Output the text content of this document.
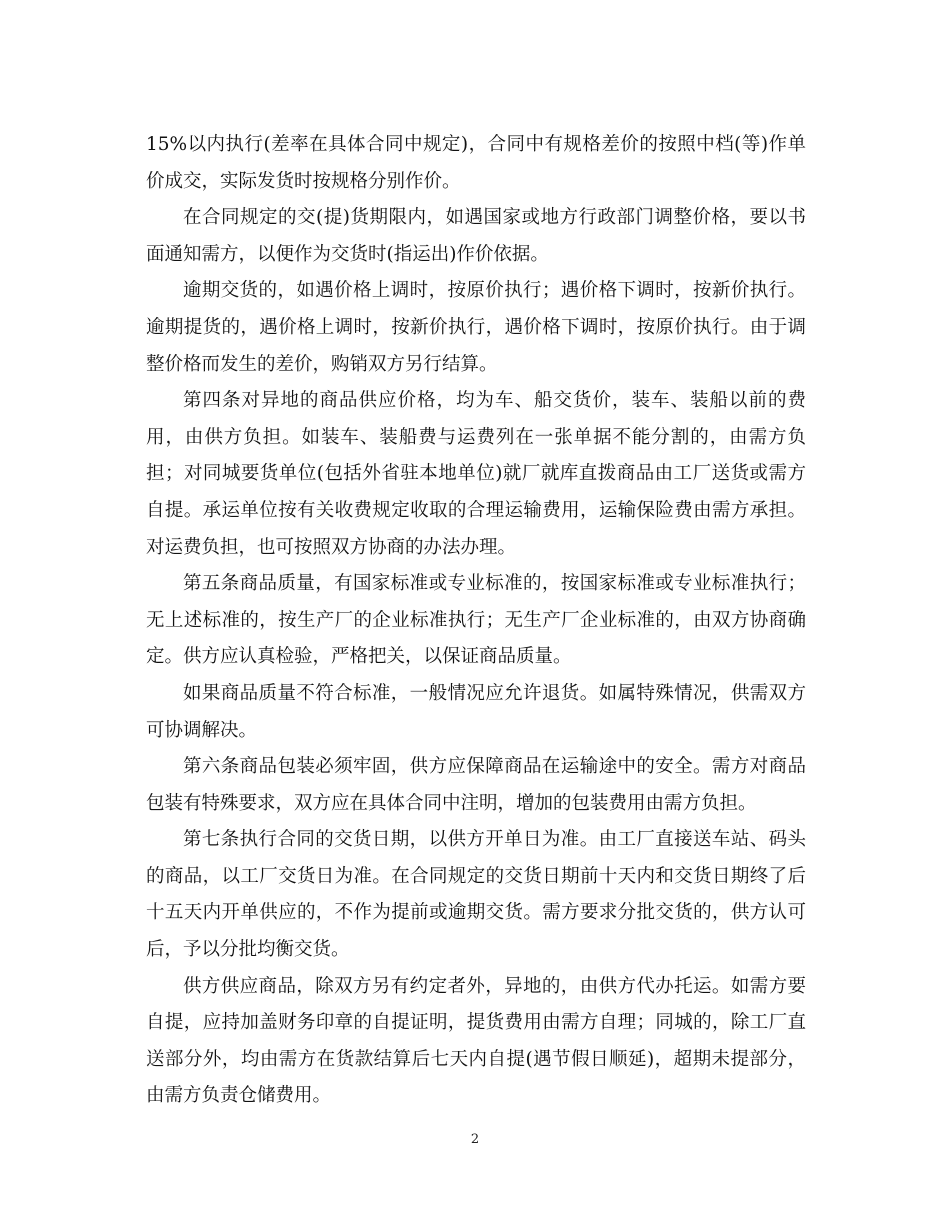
15%以内执行(差率在具体合同中规定)，合同中有规格差价的按照中档(等)作单
价成交，实际发货时按规格分别作价。
在合同规定的交(提)货期限内，如遇国家或地方行政部门调整价格，要以书
面通知需方，以便作为交货时(指运出)作价依据。
逾期交货的，如遇价格上调时，按原价执行；遇价格下调时，按新价执行。
逾期提货的，遇价格上调时，按新价执行，遇价格下调时，按原价执行。由于调
整价格而发生的差价，购销双方另行结算。
第四条对异地的商品供应价格，均为车、船交货价，装车、装船以前的费
用，由供方负担。如装车、装船费与运费列在一张单据不能分割的，由需方负
担；对同城要货单位(包括外省驻本地单位)就厂就库直拨商品由工厂送货或需方
自提。承运单位按有关收费规定收取的合理运输费用，运输保险费由需方承担。
对运费负担，也可按照双方协商的办法办理。
第五条商品质量，有国家标准或专业标准的，按国家标准或专业标准执行；
无上述标准的，按生产厂的企业标准执行；无生产厂企业标准的，由双方协商确
定。供方应认真检验，严格把关，以保证商品质量。
如果商品质量不符合标准，一般情况应允许退货。如属特殊情况，供需双方
可协调解决。
第六条商品包装必须牢固，供方应保障商品在运输途中的安全。需方对商品
包装有特殊要求，双方应在具体合同中注明，增加的包装费用由需方负担。
第七条执行合同的交货日期，以供方开单日为准。由工厂直接送车站、码头
的商品，以工厂交货日为准。在合同规定的交货日期前十天内和交货日期终了后
十五天内开单供应的，不作为提前或逾期交货。需方要求分批交货的，供方认可
后，予以分批均衡交货。
供方供应商品，除双方另有约定者外，异地的，由供方代办托运。如需方要
自提，应持加盖财务印章的自提证明，提货费用由需方自理；同城的，除工厂直
送部分外，均由需方在货款结算后七天内自提(遇节假日顺延)，超期未提部分，
由需方负责仓储费用。
2
